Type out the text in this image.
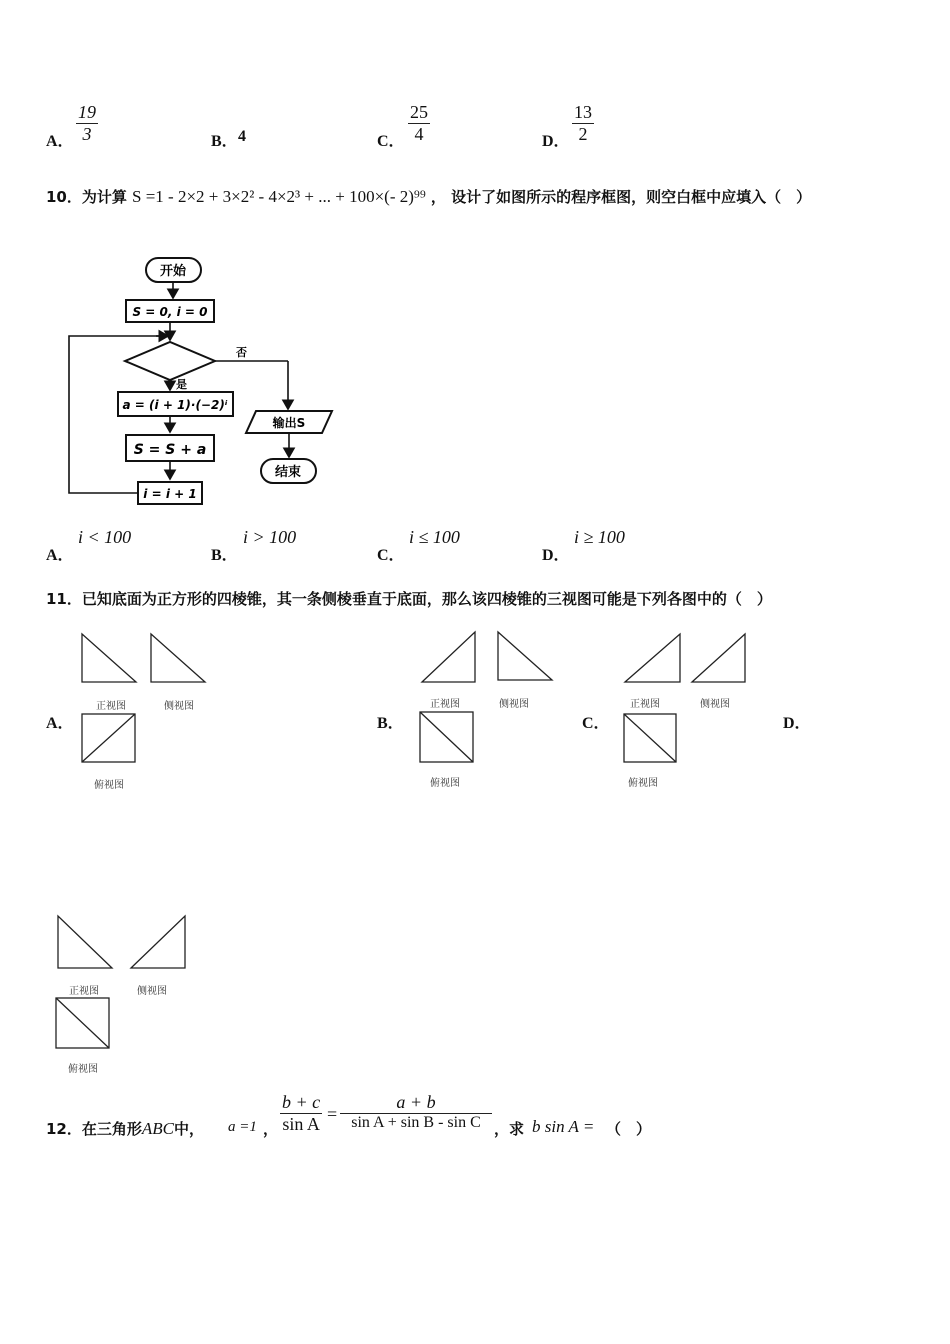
A．
19
3	B． 4	C．
25
4	D．
13
2
10．为计算 S =1 - 2×2 + 3×2² - 4×2³ + ... + 100×(- 2)⁹⁹ ， 设计了如图所示的程序框图，则空白框中应填入（　）
开始
S = 0, i = 0
否
输出S
结束
是
a = (i + 1)·(−2)ⁱ
S = S + a
i = i + 1
A．
i < 100
B．
i > 100
C．
i ≤ 100
D．
i ≥ 100
11．已知底面为正方形的四棱锥，其一条侧棱垂直于底面，那么该四棱锥的三视图可能是下列各图中的（　）
A．
正视图	侧视图
俯视图
B．
正视图	侧视图
俯视图
C．
正视图	侧视图
俯视图
D．
正视图	侧视图
俯视图
12．在三角形ABC中， a =1 ，
b + c
sin A =
a + b
sin A + sin B - sin C ，求 b sin A = （　）
